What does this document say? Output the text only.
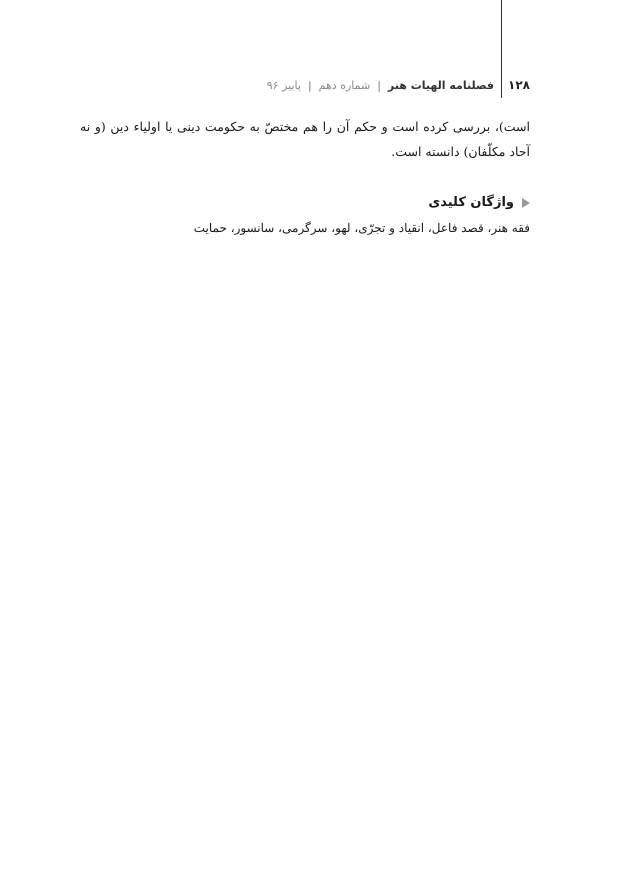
۱۲۸
فصلنامه الهیات هنر
|
شماره دهم
|
پاییز ۹۶

است)، بررسی کرده است و حکم آن را هم مختصّ به حکومت دینی یا اولیاء دین (و نه آحاد مکلّفان) دانسته است.

واژگان کلیدی
فقه هنر، قصد فاعل، انقیاد و تجرّی، لهو، سرگرمی، سانسور، حمایت
